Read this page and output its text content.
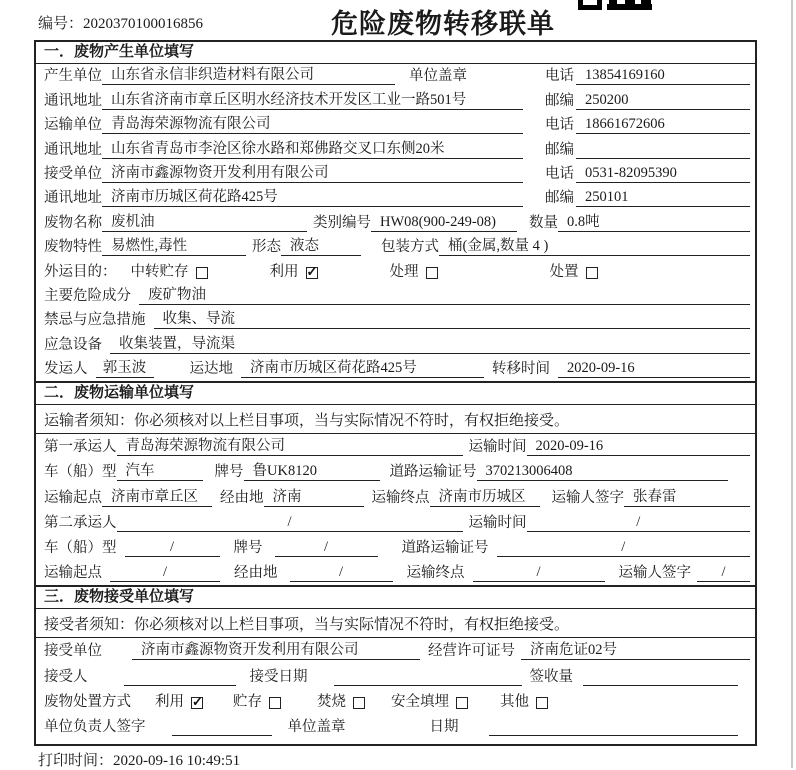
编号：2020370100016856	危险废物转移联单
一．废物产生单位填写
产生单位 山东省永信非织造材料有限公司	单位盖章	电话 13854169160
通讯地址 山东省济南市章丘区明水经济技术开发区工业一路501号	邮编 250200
运输单位 青岛海荣源物流有限公司	电话 18661672606
通讯地址 山东省青岛市李沧区徐水路和郑佛路交叉口东侧20米	邮编
接受单位 济南市鑫源物资开发利用有限公司	电话 0531-82095390
通讯地址 济南市历城区荷花路425号	邮编 250101
废物名称 废机油	类别编号 HW08(900-249-08)	数量 0.8吨
废物特性 易燃性,毒性	形态 液态	包装方式 桶(金属,数量 4 )
外运目的： 中转贮存	利用 ✓	处理	处置
主要危险成分	废矿物油
禁忌与应急措施	收集、导流
应急设备	收集装置，导流渠
发运人	郭玉波	运达地	济南市历城区荷花路425号	转移时间	2020-09-16
二．废物运输单位填写
运输者须知：你必须核对以上栏目事项，当与实际情况不符时，有权拒绝接受。
第一承运人 青岛海荣源物流有限公司	运输时间 2020-09-16
车（船）型 汽车	牌号 鲁UK8120	道路运输证号 370213006408
运输起点 济南市章丘区	经由地 济南	运输终点 济南市历城区	运输人签字 张春雷
第二承运人	/	运输时间	/
车（船）型	/	牌号	/	道路运输证号	/
运输起点	/	经由地	/	运输终点	/	运输人签字	/
三．废物接受单位填写
接受者须知：你必须核对以上栏目事项，当与实际情况不符时，有权拒绝接受。
接受单位	济南市鑫源物资开发利用有限公司	经营许可证号	济南危证02号
接受人	接受日期	签收量
废物处置方式 利用 ✓	贮存	焚烧	安全填埋	其他
单位负责人签字	单位盖章	日期
打印时间：2020-09-16 10:49:51
